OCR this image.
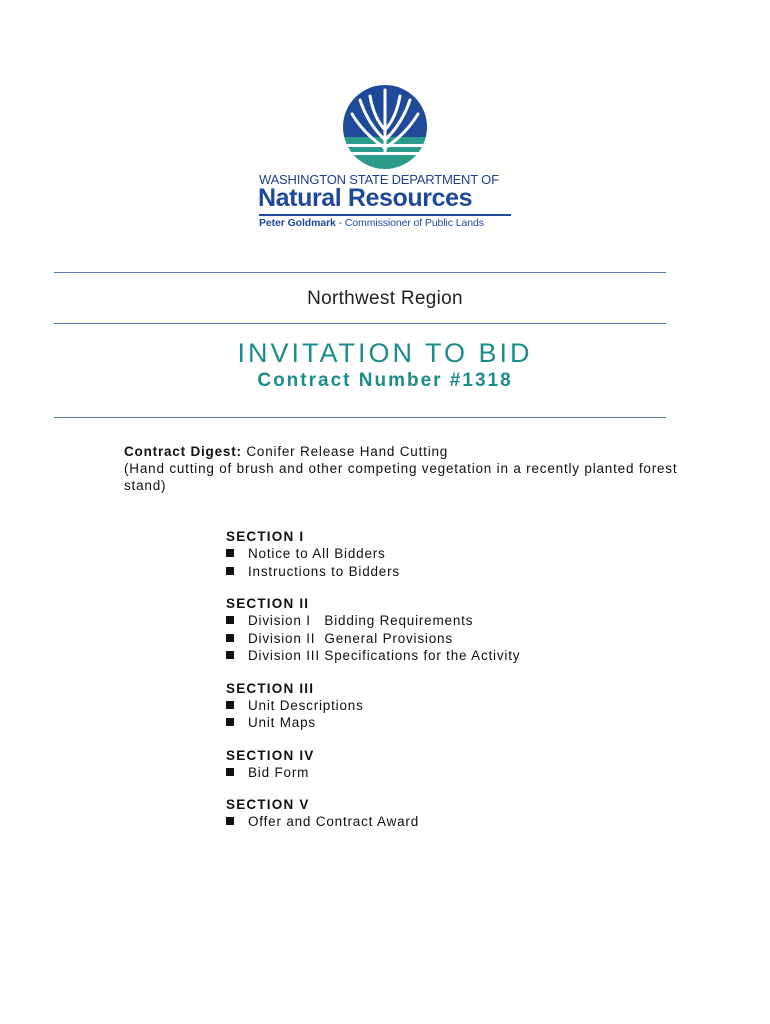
WASHINGTON STATE DEPARTMENT OF
Natural Resources
Peter Goldmark - Commissioner of Public Lands
Northwest Region
INVITATION TO BID
Contract Number #1318
Contract Digest: Conifer Release Hand Cutting
(Hand cutting of brush and other competing vegetation in a recently planted forest stand)
SECTION I
Notice to All Bidders
Instructions to Bidders
SECTION II
Division I   Bidding Requirements
Division II  General Provisions
Division III Specifications for the Activity
SECTION III
Unit Descriptions
Unit Maps
SECTION IV
Bid Form
SECTION V
Offer and Contract Award
